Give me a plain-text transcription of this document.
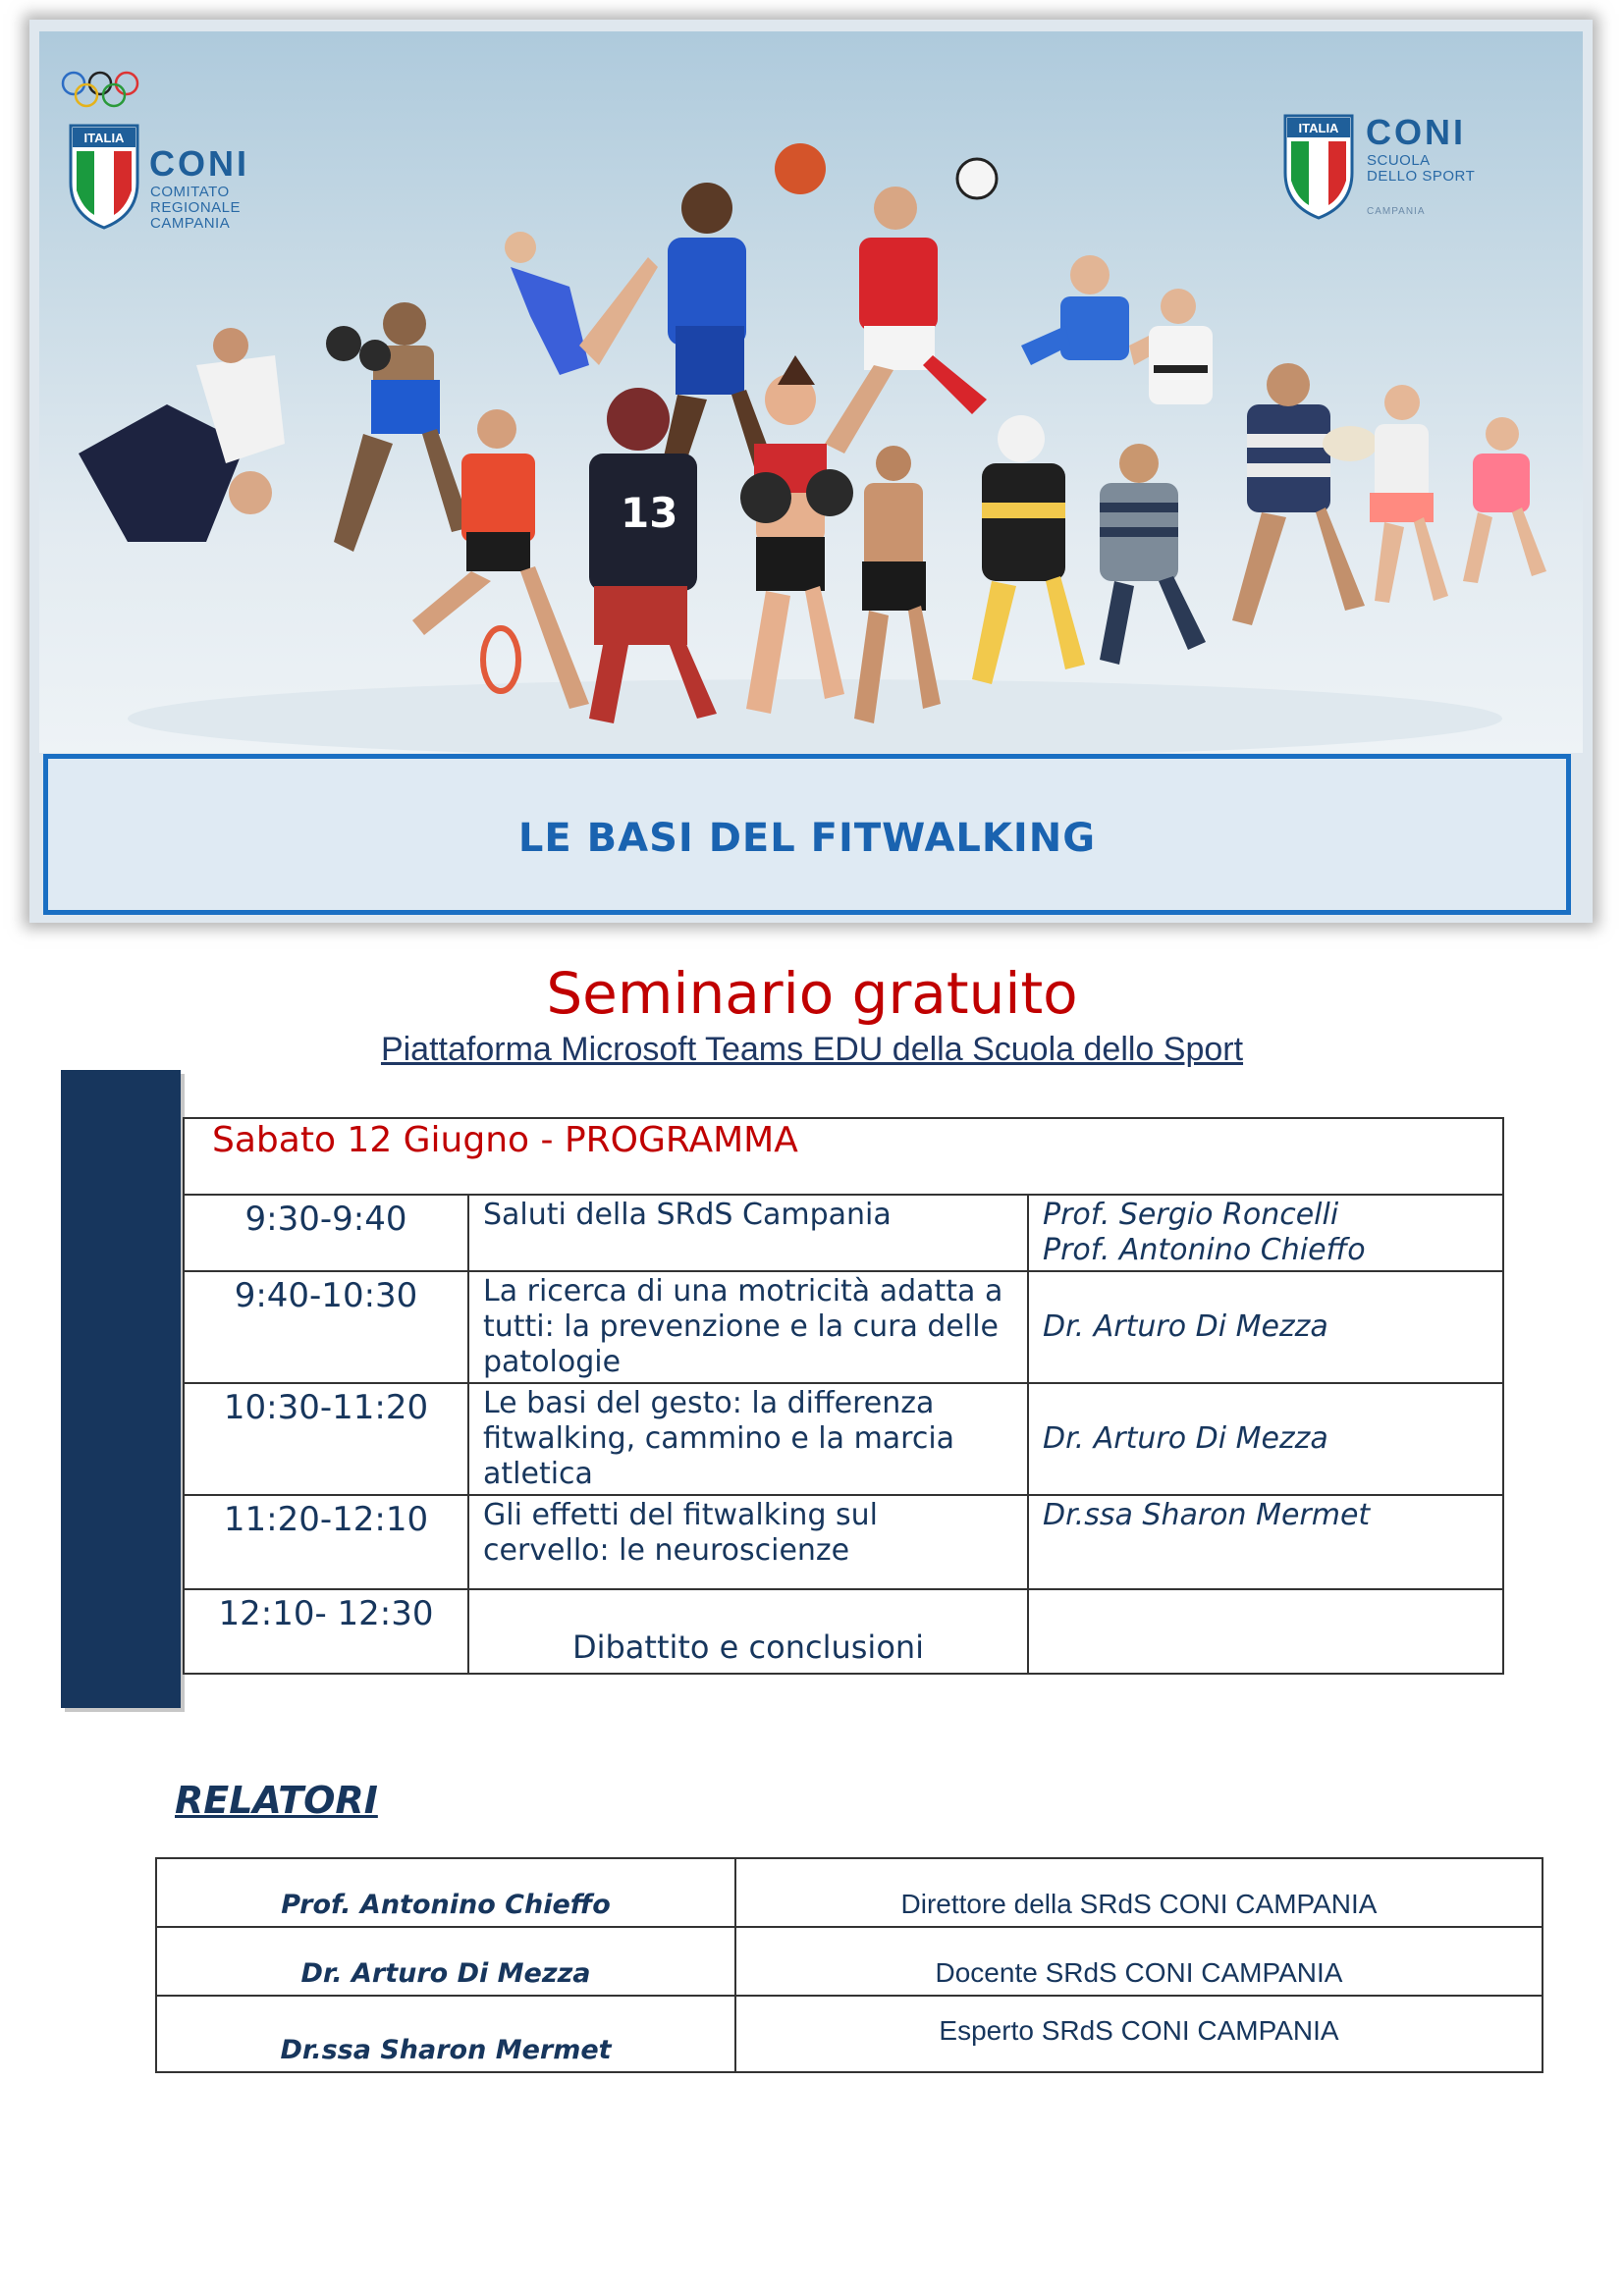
13
ITALIA
CONI
COMITATO
REGIONALE
CAMPANIA
ITALIA CONI
SCUOLA
DELLO SPORT
CAMPANIA
LE BASI DEL FITWALKING
Seminario gratuito
Piattaforma Microsoft Teams EDU della Scuola dello Sport
Sabato 12 Giugno - PROGRAMMA		
9:30-9:40	Saluti della SRdS Campania	Prof. Sergio Roncelli
Prof. Antonino Chieffo

9:40-10:30	La ricerca di una motricità adatta a tutti: la prevenzione e la cura delle patologie	Dr. Arturo Di Mezza
10:30-11:20	Le basi del gesto: la differenza fitwalking, cammino e la marcia atletica	Dr. Arturo Di Mezza
11:20-12:10	Gli effetti del fitwalking sul cervello: le neuroscienze	Dr.ssa Sharon Mermet
12:10- 12:30	Dibattito e conclusioni	
RELATORI
Prof. Antonino Chieffo	Direttore della SRdS CONI CAMPANIA
Dr. Arturo Di Mezza	Docente SRdS CONI CAMPANIA
Dr.ssa Sharon Mermet	Esperto SRdS CONI CAMPANIA
